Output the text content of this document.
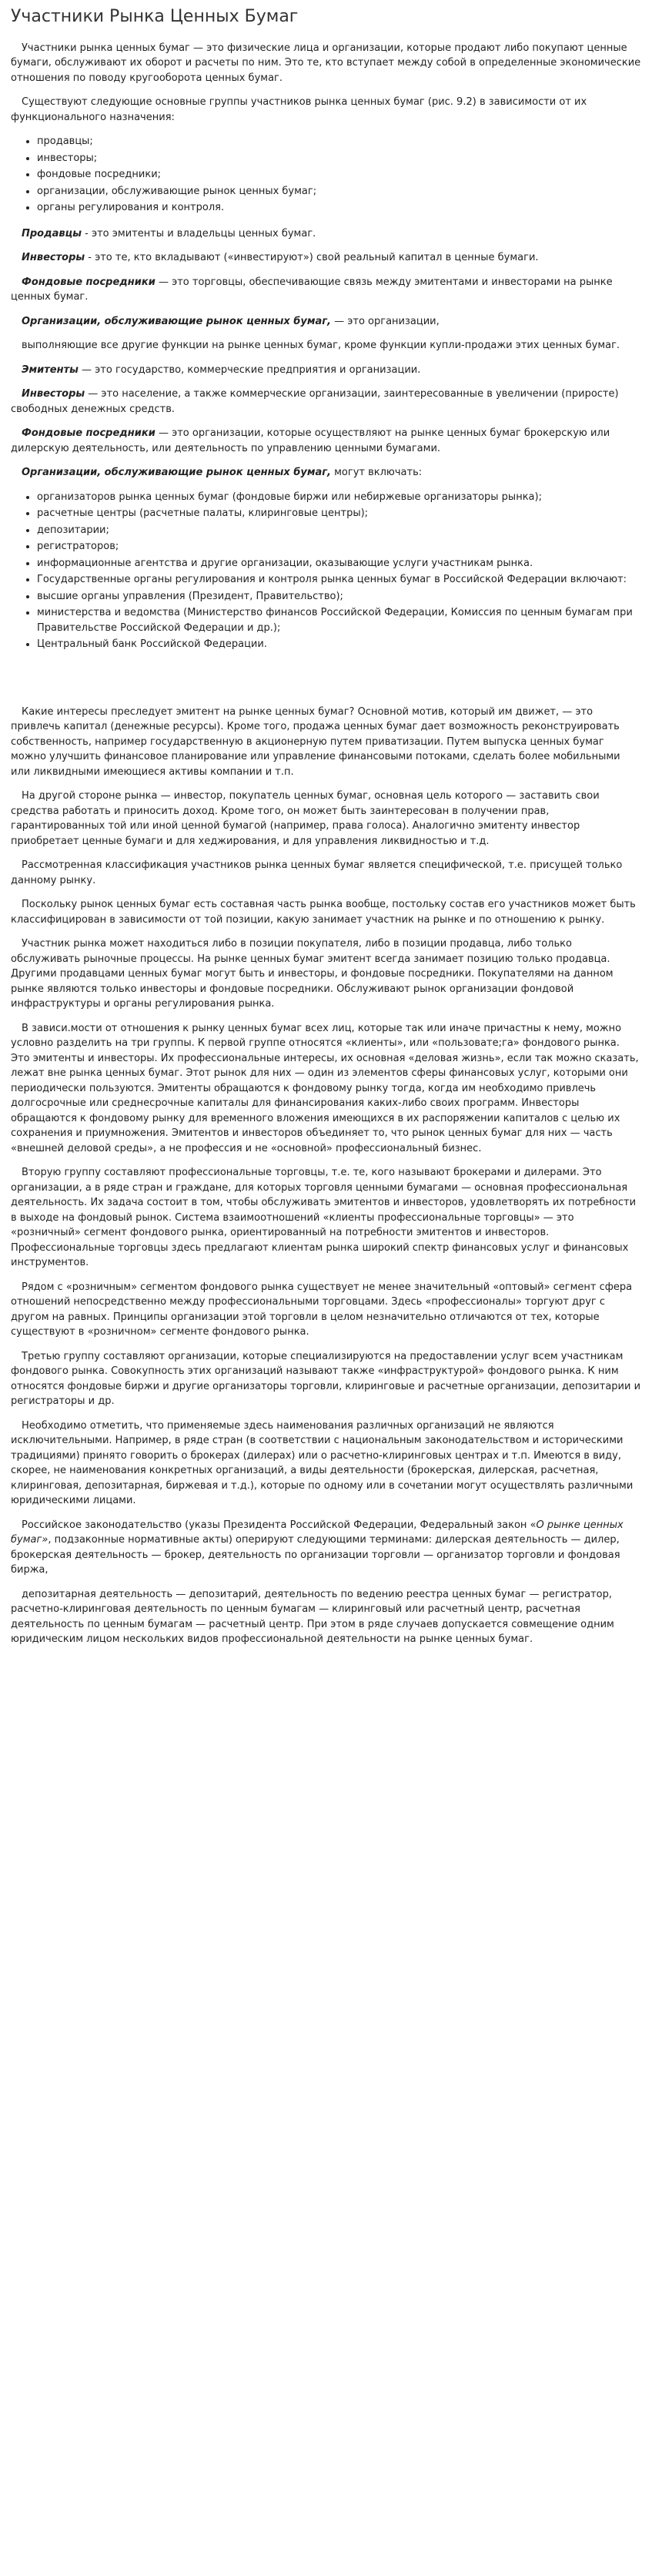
Участники Рынка Ценных Бумаг

Участники рынка ценных бумаг — это физические лица и организации, которые продают либо покупают ценные бумаги, обслуживают их оборот и расчеты по ним. Это те, кто вступает между собой в определенные экономические отношения по поводу кругооборота ценных бумаг.

Существуют следующие основные группы участников рынка ценных бумаг (рис. 9.2) в зависимости от их функционального назначения:

• продавцы;
• инвесторы;
• фондовые посредники;
• организации, обслуживающие рынок ценных бумаг;
• органы регулирования и контроля.

Продавцы - это эмитенты и владельцы ценных бумаг.

Инвесторы - это те, кто вкладывают («инвестируют») свой реальный капитал в ценные бумаги.

Фондовые посредники — это торговцы, обеспечивающие связь между эмитентами и инвесторами на рынке ценных бумаг.

Организации, обслуживающие рынок ценных бумаг, — это организации,

выполняющие все другие функции на рынке ценных бумаг, кроме функции купли-продажи этих ценных бумаг.

Эмитенты — это государство, коммерческие предприятия и организации.

Инвесторы — это население, а также коммерческие организации, заинтересованные в увеличении (приросте) свободных денежных средств.

Фондовые посредники — это организации, которые осуществляют на рынке ценных бумаг брокерскую или дилерскую деятельность, или деятельность по управлению ценными бумагами.

Организации, обслуживающие рынок ценных бумаг, могут включать:

• организаторов рынка ценных бумаг (фондовые биржи или небиржевые организаторы рынка);
• расчетные центры (расчетные палаты, клиринговые центры);
• депозитарии;
• регистраторов;
• информационные агентства и другие организации, оказывающие услуги участникам рынка.
• Государственные органы регулирования и контроля рынка ценных бумаг в Российской Федерации включают:
• высшие органы управления (Президент, Правительство);
• министерства и ведомства (Министерство финансов Российской Федерации, Комиссия по ценным бумагам при Правительстве Российской Федерации и др.);
• Центральный банк Российской Федерации.

Какие интересы преследует эмитент на рынке ценных бумаг? Основной мотив, который им движет, — это привлечь капитал (денежные ресурсы). Кроме того, продажа ценных бумаг дает возможность реконструировать собственность, например государственную в акционерную путем приватизации. Путем выпуска ценных бумаг можно улучшить финансовое планирование или управление финансовыми потоками, сделать более мобильными или ликвидными имеющиеся активы компании и т.п.

На другой стороне рынка — инвестор, покупатель ценных бумаг, основная цель которого — заставить свои средства работать и приносить доход. Кроме того, он может быть заинтересован в получении прав, гарантированных той или иной ценной бумагой (например, права голоса). Аналогично эмитенту инвестор приобретает ценные бумаги и для хеджирования, и для управления ликвидностью и т.д.

Рассмотренная классификация участников рынка ценных бумаг является специфической, т.е. присущей только данному рынку.

Поскольку рынок ценных бумаг есть составная часть рынка вообще, постольку состав его участников может быть классифицирован в зависимости от той позиции, какую занимает участник на рынке и по отношению к рынку.

Участник рынка может находиться либо в позиции покупателя, либо в позиции продавца, либо только обслуживать рыночные процессы. На рынке ценных бумаг эмитент всегда занимает позицию только продавца. Другими продавцами ценных бумаг могут быть и инвесторы, и фондовые посредники. Покупателями на данном рынке являются только инвесторы и фондовые посредники. Обслуживают рынок организации фондовой инфраструктуры и органы регулирования рынка.

В зависи.мости от отношения к рынку ценных бумаг всех лиц, которые так или иначе причастны к нему, можно условно разделить на три группы. К первой группе относятся «клиенты», или «пользовате;га» фондового рынка. Это эмитенты и инвесторы. Их профессиональные интересы, их основная «деловая жизнь», если так можно сказать, лежат вне рынка ценных бумаг. Этот рынок для них — один из элементов сферы финансовых услуг, которыми они периодически пользуются. Эмитенты обращаются к фондовому рынку тогда, когда им необходимо привлечь долгосрочные или среднесрочные капиталы для финансирования каких-либо своих программ. Инвесторы обращаются к фондовому рынку для временного вложения имеющихся в их распоряжении капиталов с целью их сохранения и приумножения. Эмитентов и инвесторов объединяет то, что рынок ценных бумаг для них — часть «внешней деловой среды», а не профессия и не «основной» профессиональный бизнес.

Вторую группу составляют профессиональные торговцы, т.е. те, кого называют брокерами и дилерами. Это организации, а в ряде стран и граждане, для которых торговля ценными бумагами — основная профессиональная деятельность. Их задача состоит в том, чтобы обслуживать эмитентов и инвесторов, удовлетворять их потребности в выходе на фондовый рынок. Система взаимоотношений «клиенты профессиональные торговцы» — это «розничный» сегмент фондового рынка, ориентированный на потребности эмитентов и инвесторов. Профессиональные торговцы здесь предлагают клиентам рынка широкий спектр финансовых услуг и финансовых инструментов.

Рядом с «розничным» сегментом фондового рынка существует не менее значительный «оптовый» сегмент сфера отношений непосредственно между профессиональными торговцами. Здесь «профессионалы» торгуют друг с другом на равных. Принципы организации этой торговли в целом незначительно отличаются от тех, которые существуют в «розничном» сегменте фондового рынка.

Третью группу составляют организации, которые специализируются на предоставлении услуг всем участникам фондового рынка. Совокупность этих организаций называют также «инфраструктурой» фондового рынка. К ним относятся фондовые биржи и другие организаторы торговли, клиринговые и расчетные организации, депозитарии и регистраторы и др.

Необходимо отметить, что применяемые здесь наименования различных организаций не являются исключительными. Например, в ряде стран (в соответствии с национальным законодательством и историческими традициями) принято говорить о брокерах (дилерах) или о расчетно-клиринговых центрах и т.п. Имеются в виду, скорее, не наименования конкретных организаций, а виды деятельности (брокерская, дилерская, расчетная, клиринговая, депозитарная, биржевая и т.д.), которые по одному или в сочетании могут осуществлять различными юридическими лицами.

Российское законодательство (указы Президента Российской Федерации, Федеральный закон «О рынке ценных бумаг», подзаконные нормативные акты) оперируют следующими терминами: дилерская деятельность — дилер, брокерская деятельность — брокер, деятельность по организации торговли — организатор торговли и фондовая биржа,

депозитарная деятельность — депозитарий, деятельность по ведению реестра ценных бумаг — регистратор, расчетно-клиринговая деятельность по ценным бумагам — клиринговый или расчетный центр, расчетная деятельность по ценным бумагам — расчетный центр. При этом в ряде случаев допускается совмещение одним юридическим лицом нескольких видов профессиональной деятельности на рынке ценных бумаг.
